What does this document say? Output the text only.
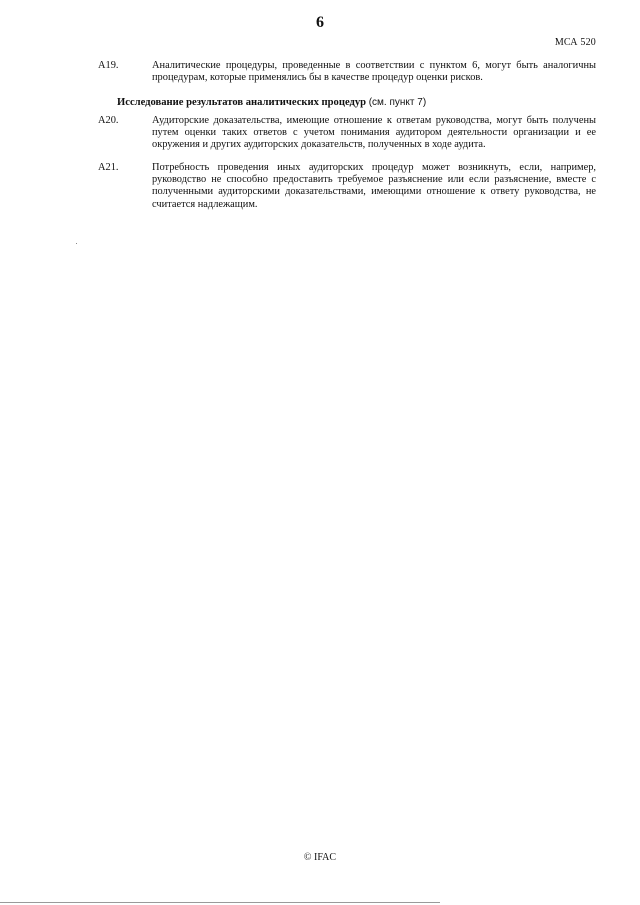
6
МСА 520
A19.	Аналитические процедуры, проведенные в соответствии с пунктом 6, могут быть аналогичны процедурам, которые применялись бы в качестве процедур оценки рисков.
Исследование результатов аналитических процедур (см. пункт 7)
A20.	Аудиторские доказательства, имеющие отношение к ответам руководства, могут быть получены путем оценки таких ответов с учетом понимания аудитором деятельности организации и ее окружения и других аудиторских доказательств, полученных в ходе аудита.
A21.	Потребность проведения иных аудиторских процедур может возникнуть, если, например, руководство не способно предоставить требуемое разъяснение или если разъяснение, вместе с полученными аудиторскими доказательствами, имеющими отношение к ответу руководства, не считается надлежащим.
© IFAC
